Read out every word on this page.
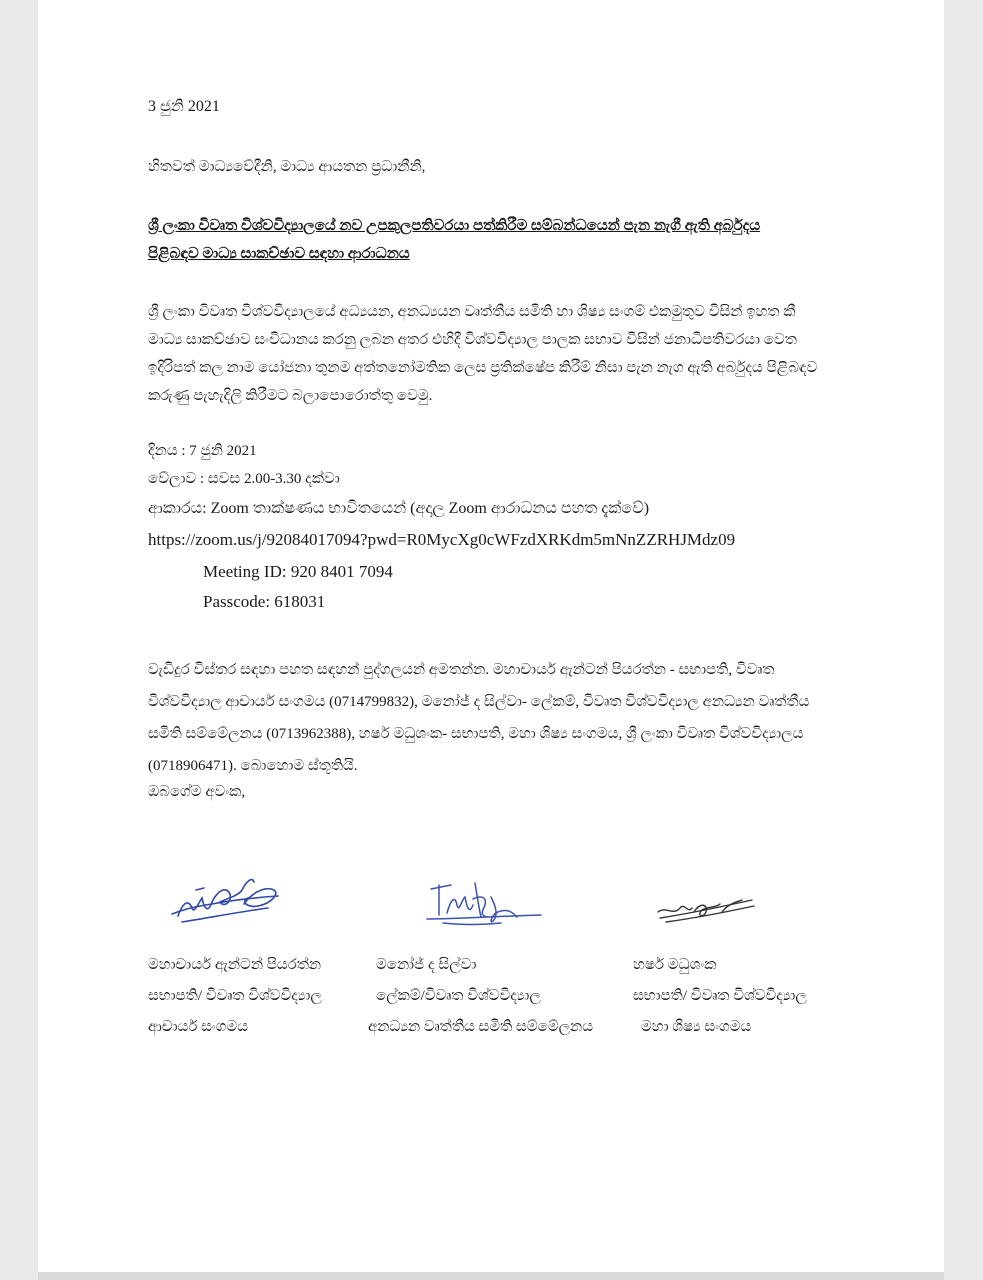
3 ජුනි 2021
හිතවත් මාධ්‍යවේදීනි, මාධ්‍ය ආයතන ප්‍රධානීනි,
ශ්‍රී ලංකා විවෘත විශ්වවිද්‍යාලයේ නව උපකුලපතිවරයා පත්කිරීම සම්බන්ධයෙන් පැන නැගී ඇති අර්බුදය පිළිබඳව මාධ්‍ය සාකච්ඡාව සඳහා ආරාධනය
ශ්‍රී ලංකා විවෘත විශ්වවිද්‍යාලයේ අධ්‍යයන, අනධ්‍යයන වෘත්තීය සමිති හා ශිෂ්‍ය සංගම් එකමුතුව විසින් ඉහත කී මාධ්‍ය සාකච්ඡාව සංවිධානය කරනු ලබන අතර එහිදී විශ්වවිද්‍යාල පාලක සභාව විසින් ජනාධිපතිවරයා වෙත ඉදිරිපත් කල නාම යෝජනා තුනම අත්තනෝමතික ලෙස ප්‍රතික්ෂේප කිරීම් නිසා පැන නැග ඇති අර්බුදය පිළිබඳව කරුණු පැහැදිලි කිරීමට බලාපොරොත්තු වෙමු.
දිනය : 7 ජුනි 2021
වේලාව : සවස 2.00-3.30 දක්වා
ආකාරය: Zoom තාක්ෂණය භාවිතයෙන් (අදාල Zoom ආරාධනය පහත දැක්වේ)
https://zoom.us/j/92084017094?pwd=R0MycXg0cWFzdXRKdm5mNnZZRHJMdz09
Meeting ID: 920 8401 7094
Passcode: 618031
වැඩිදුර විස්තර සඳහා පහත සඳහන් පුද්ගලයන් අමතන්න. මහාචාර්ය ඇන්ටන් පියරත්න - සභාපති, විවෘත විශ්වවිද්‍යාල ආචාර්ය සංගමය (0714799832), මනෝජ් ද සිල්වා- ලේකම්, විවෘත විශ්වවිද්‍යාල අනධ්‍යන වෘත්තීය සමිති සම්මේලනය (0713962388), හර්ෂ මධුශංක- සභාපති, මහා ශිෂ්‍ය සංගමය, ශ්‍රී ලංකා විවෘත විශ්වවිද්‍යාලය (0718906471). බොහොම ස්තූතියි.
ඔබගේම අවංක,
මහාචාර්ය ඇන්ටන් පියරත්න
සභාපති/ විවෘත විශ්වවිද්‍යාල
ආචාර්ය සංගමය
මනෝජ් ද සිල්වා
ලේකම්/විවෘත විශ්වවිද්‍යාල
අනධ්‍යන වෘත්තීය සමිති සම්මේලනය
හර්ෂ මධුශංක
සභාපති/ විවෘත විශ්වවිද්‍යාල
මහා ශිෂ්‍ය සංගමය
